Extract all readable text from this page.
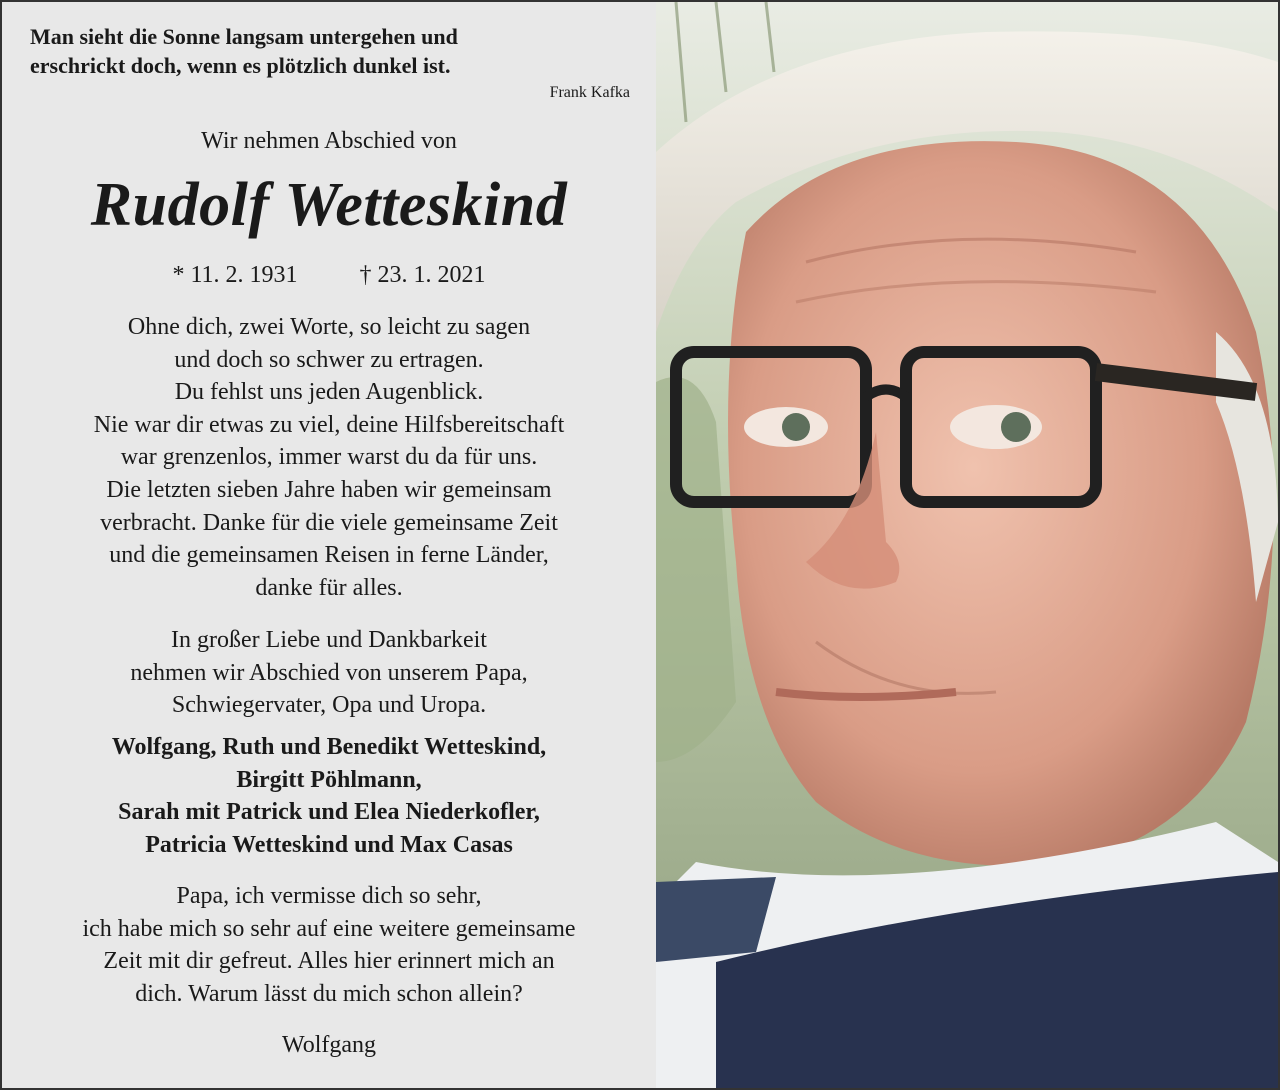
Man sieht die Sonne langsam untergehen und
erschrickt doch, wenn es plötzlich dunkel ist.
Frank Kafka
Wir nehmen Abschied von
Rudolf Wetteskind
* 11. 2. 1931	† 23. 1. 2021
Ohne dich, zwei Worte, so leicht zu sagen
und doch so schwer zu ertragen.
Du fehlst uns jeden Augenblick.
Nie war dir etwas zu viel, deine Hilfsbereitschaft
war grenzenlos, immer warst du da für uns.
Die letzten sieben Jahre haben wir gemeinsam
verbracht. Danke für die viele gemeinsame Zeit
und die gemeinsamen Reisen in ferne Länder,
danke für alles.
In großer Liebe und Dankbarkeit
nehmen wir Abschied von unserem Papa,
Schwiegervater, Opa und Uropa.
Wolfgang, Ruth und Benedikt Wetteskind,
Birgitt Pöhlmann,
Sarah mit Patrick und Elea Niederkofler,
Patricia Wetteskind und Max Casas
Papa, ich vermisse dich so sehr,
ich habe mich so sehr auf eine weitere gemeinsame
Zeit mit dir gefreut. Alles hier erinnert mich an
dich. Warum lässt du mich schon allein?
Wolfgang
